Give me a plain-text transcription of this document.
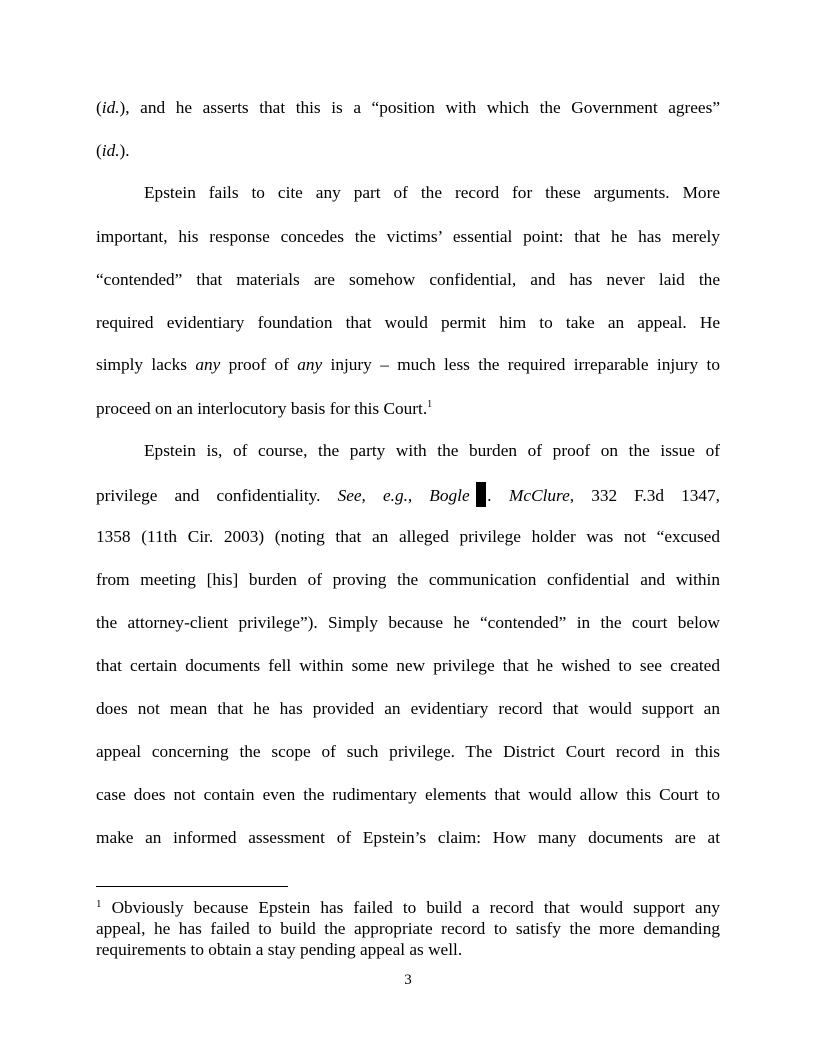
(id.), and he asserts that this is a “position with which the Government agrees”
(id.).
Epstein fails to cite any part of the record for these arguments. More
important, his response concedes the victims’ essential point: that he has merely
“contended” that materials are somehow confidential, and has never laid the
required evidentiary foundation that would permit him to take an appeal. He
simply lacks any proof of any injury – much less the required irreparable injury to
proceed on an interlocutory basis for this Court.$^1$
Epstein is, of course, the party with the burden of proof on the issue of
privilege and confidentiality. See, e.g., Bogle . McClure, 332 F.3d 1347,
1358 (11th Cir. 2003) (noting that an alleged privilege holder was not “excused
from meeting [his] burden of proving the communication confidential and within
the attorney-client privilege”). Simply because he “contended” in the court below
that certain documents fell within some new privilege that he wished to see created
does not mean that he has provided an evidentiary record that would support an
appeal concerning the scope of such privilege. The District Court record in this
case does not contain even the rudimentary elements that would allow this Court to
make an informed assessment of Epstein’s claim: How many documents are at
$^1$ Obviously because Epstein has failed to build a record that would support any
appeal, he has failed to build the appropriate record to satisfy the more demanding
requirements to obtain a stay pending appeal as well.
3
